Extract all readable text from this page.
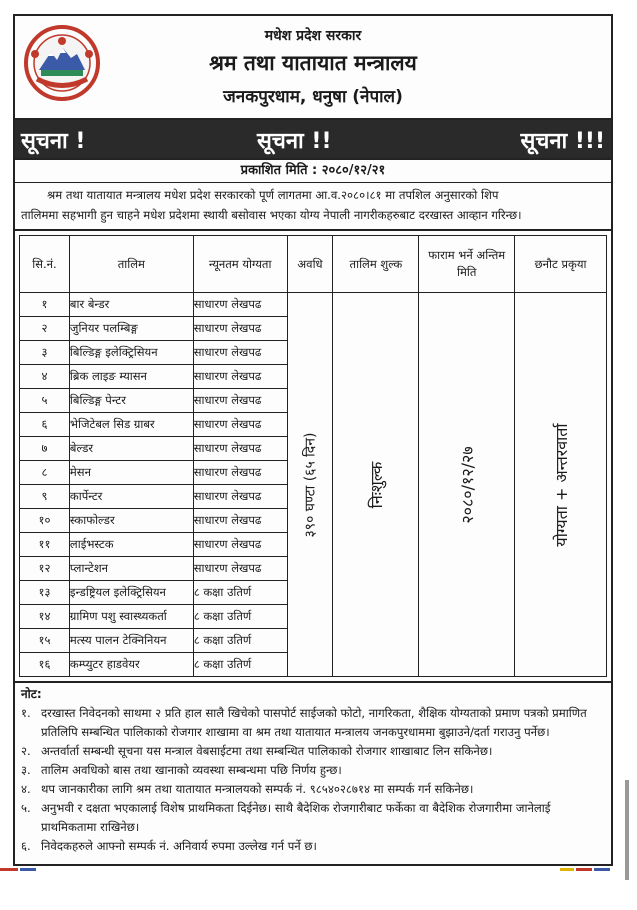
मधेश प्रदेश सरकार
श्रम तथा यातायात मन्त्रालय
जनकपुरधाम, धनुषा (नेपाल)
सूचना !	सूचना !!	सूचना !!!
प्रकाशित मिति : २०८०/१२/२१
श्रम तथा यातायात मन्त्रालय मधेश प्रदेश सरकारको पूर्ण लागतमा आ.व.२०८०।८१ मा तपशिल अनुसारको शिप
तालिममा सहभागी हुन चाहने मधेश प्रदेशमा स्थायी बसोवास भएका योग्य नेपाली नागरीकहरुबाट दरखास्त आव्हान गरिन्छ।
सि.नं.	तालिम	न्यूनतम योग्यता	अवधि	तालिम शुल्क	फाराम भर्ने अन्तिम मिति	छनौट प्रकृया
१	बार बेन्डर	साधारण लेखपढ	३९० घण्टा (६५ दिन)	निःशुल्क	२०८०/१२/२७	योग्यता + अन्तरवार्ता

२	जुनियर पलम्बिङ्ग	साधारण लेखपढ				
३	बिल्डिङ्ग इलेक्ट्रिसियन	साधारण लेखपढ				
४	ब्रिक लाइङ म्यासन	साधारण लेखपढ				
५	बिल्डिङ्ग पेन्टर	साधारण लेखपढ				
६	भेजिटेबल सिड ग्राबर	साधारण लेखपढ				
७	बेल्डर	साधारण लेखपढ				
८	मेसन	साधारण लेखपढ				
९	कार्पेन्टर	साधारण लेखपढ				
१०	स्काफोल्डर	साधारण लेखपढ				
११	लाईभस्टक	साधारण लेखपढ				
१२	प्लान्टेशन	साधारण लेखपढ				
१३	इन्डष्ट्रियल इलेक्ट्रिसियन	८ कक्षा उतिर्ण				
१४	ग्रामिण पशु स्वास्थ्यकर्ता	८ कक्षा उतिर्ण				
१५	मत्स्य पालन टेक्निनियन	८ कक्षा उतिर्ण				
१६	कम्प्युटर हाडवेयर	८ कक्षा उतिर्ण				
नोट:
१. दरखास्त निवेदनको साथमा २ प्रति हाल सालै खिचेको पासपोर्ट साईजको फोटो, नागरिकता, शैक्षिक योग्यताको प्रमाण पत्रको प्रमाणित प्रतिलिपि सम्बन्धित पालिकाको रोजगार शाखामा वा श्रम तथा यातायात मन्त्रालय जनकपुरधाममा बुझाउने/दर्ता गराउनु पर्नेछ।
२. अन्तर्वार्ता सम्बन्धी सूचना यस मन्त्राल वेबसाईटमा तथा सम्बन्धित पालिकाको रोजगार शाखाबाट लिन सकिनेछ।
३. तालिम अवधिको बास तथा खानाको व्यवस्था सम्बन्धमा पछि निर्णय हुन्छ।
४. थप जानकारीका लागि श्रम तथा यातायात मन्त्रालयको सम्पर्क नं. ९८५४०२८७१४ मा सम्पर्क गर्न सकिनेछ।
५. अनुभवी र दक्षता भएकालाई विशेष प्राथमिकता दिईनेछ। साथै बैदेशिक रोजगारीबाट फर्केका वा बैदेशिक रोजगारीमा जानेलाई प्राथमिकतामा राखिनेछ।
६. निवेदकहरुले आफ्नो सम्पर्क नं. अनिवार्य रुपमा उल्लेख गर्न पर्ने छ।
